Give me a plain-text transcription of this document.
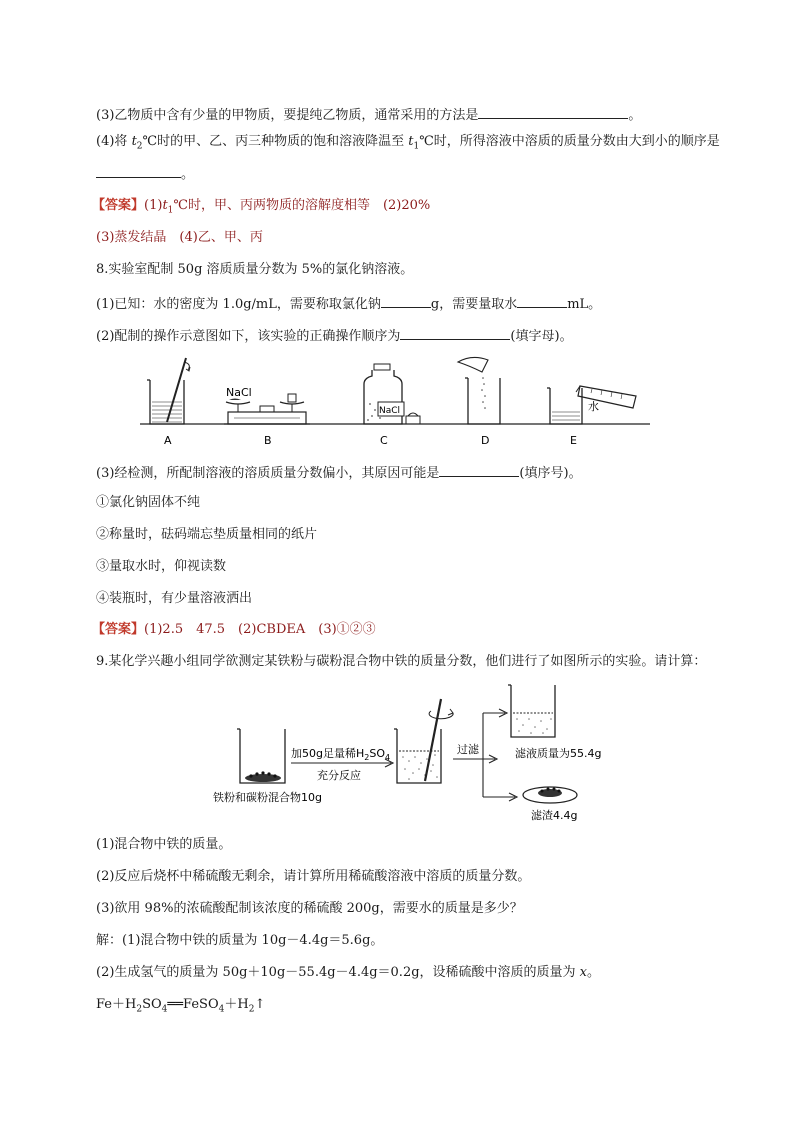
(3)乙物质中含有少量的甲物质，要提纯乙物质，通常采用的方法是	。
(4)将 $t_2℃$时的甲、乙、丙三种物质的饱和溶液降温至 $t_1℃$时，所得溶液中溶质的质量分数由大到小的顺序是
。
【答案】$(1)t_1℃$时，甲、丙两物质的溶解度相等　(2)20%
(3)蒸发结晶　(4)乙、甲、丙
8.实验室配制 50g 溶质质量分数为 5%的氯化钠溶液。
(1)已知：水的密度为 1.0g/mL，需要称取氯化钠	g，需要量取水	mL。
(2)配制的操作示意图如下，该实验的正确操作顺序为	(填字母)。
NaCl
NaCl	水
A	B	C	D	E
(3)经检测，所配制溶液的溶质质量分数偏小，其原因可能是	(填序号)。
①氯化钠固体不纯
②称量时，砝码端忘垫质量相同的纸片
③量取水时，仰视读数
④装瓶时，有少量溶液洒出
【答案】(1)2.5　47.5　(2)CBDEA　(3)①②③
9.某化学兴趣小组同学欲测定某铁粉与碳粉混合物中铁的质量分数，他们进行了如图所示的实验。请计算：
铁粉和碳粉混合物10g
加50g足量稀$H_2SO_4$
充分反应
过滤	滤液质量为55.4g
滤渣4.4g
(1)混合物中铁的质量。
(2)反应后烧杯中稀硫酸无剩余，请计算所用稀硫酸溶液中溶质的质量分数。
(3)欲用 98%的浓硫酸配制该浓度的稀硫酸 200g，需要水的质量是多少？
解：(1)混合物中铁的质量为 10g－4.4g＝5.6g。
(2)生成氢气的质量为 50g＋10g－55.4g－4.4g＝0.2g，设稀硫酸中溶质的质量为 x。
$Fe+H_2SO_4══FeSO_4+H_2↑$
